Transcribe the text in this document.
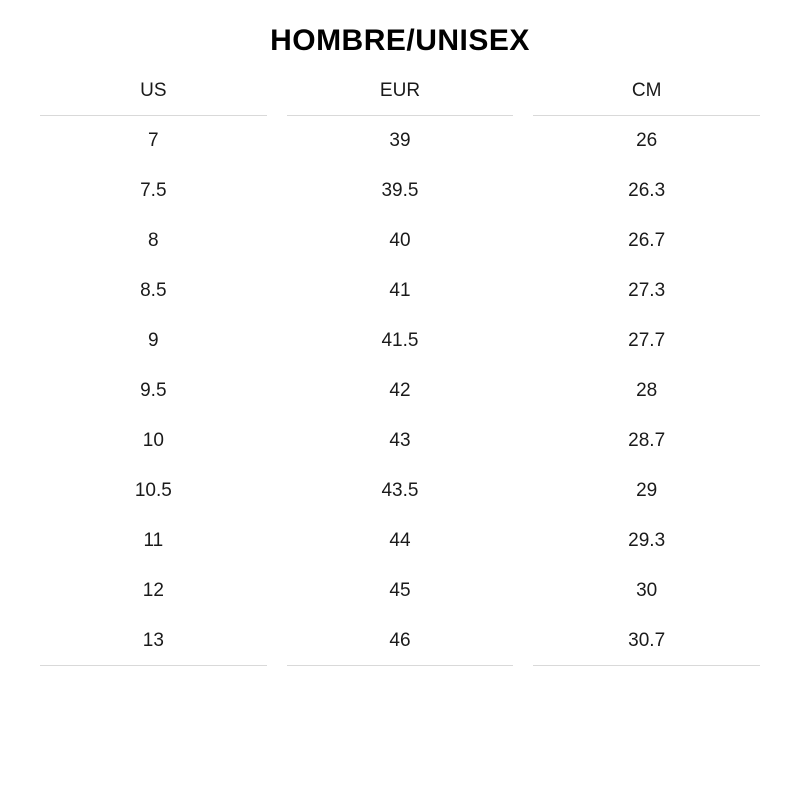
HOMBRE/UNISEX
US	EUR	CM

7	39	26
7.5	39.5	26.3
8	40	26.7
8.5	41	27.3
9	41.5	27.7
9.5	42	28
10	43	28.7
10.5	43.5	29
11	44	29.3
12	45	30
13	46	30.7
